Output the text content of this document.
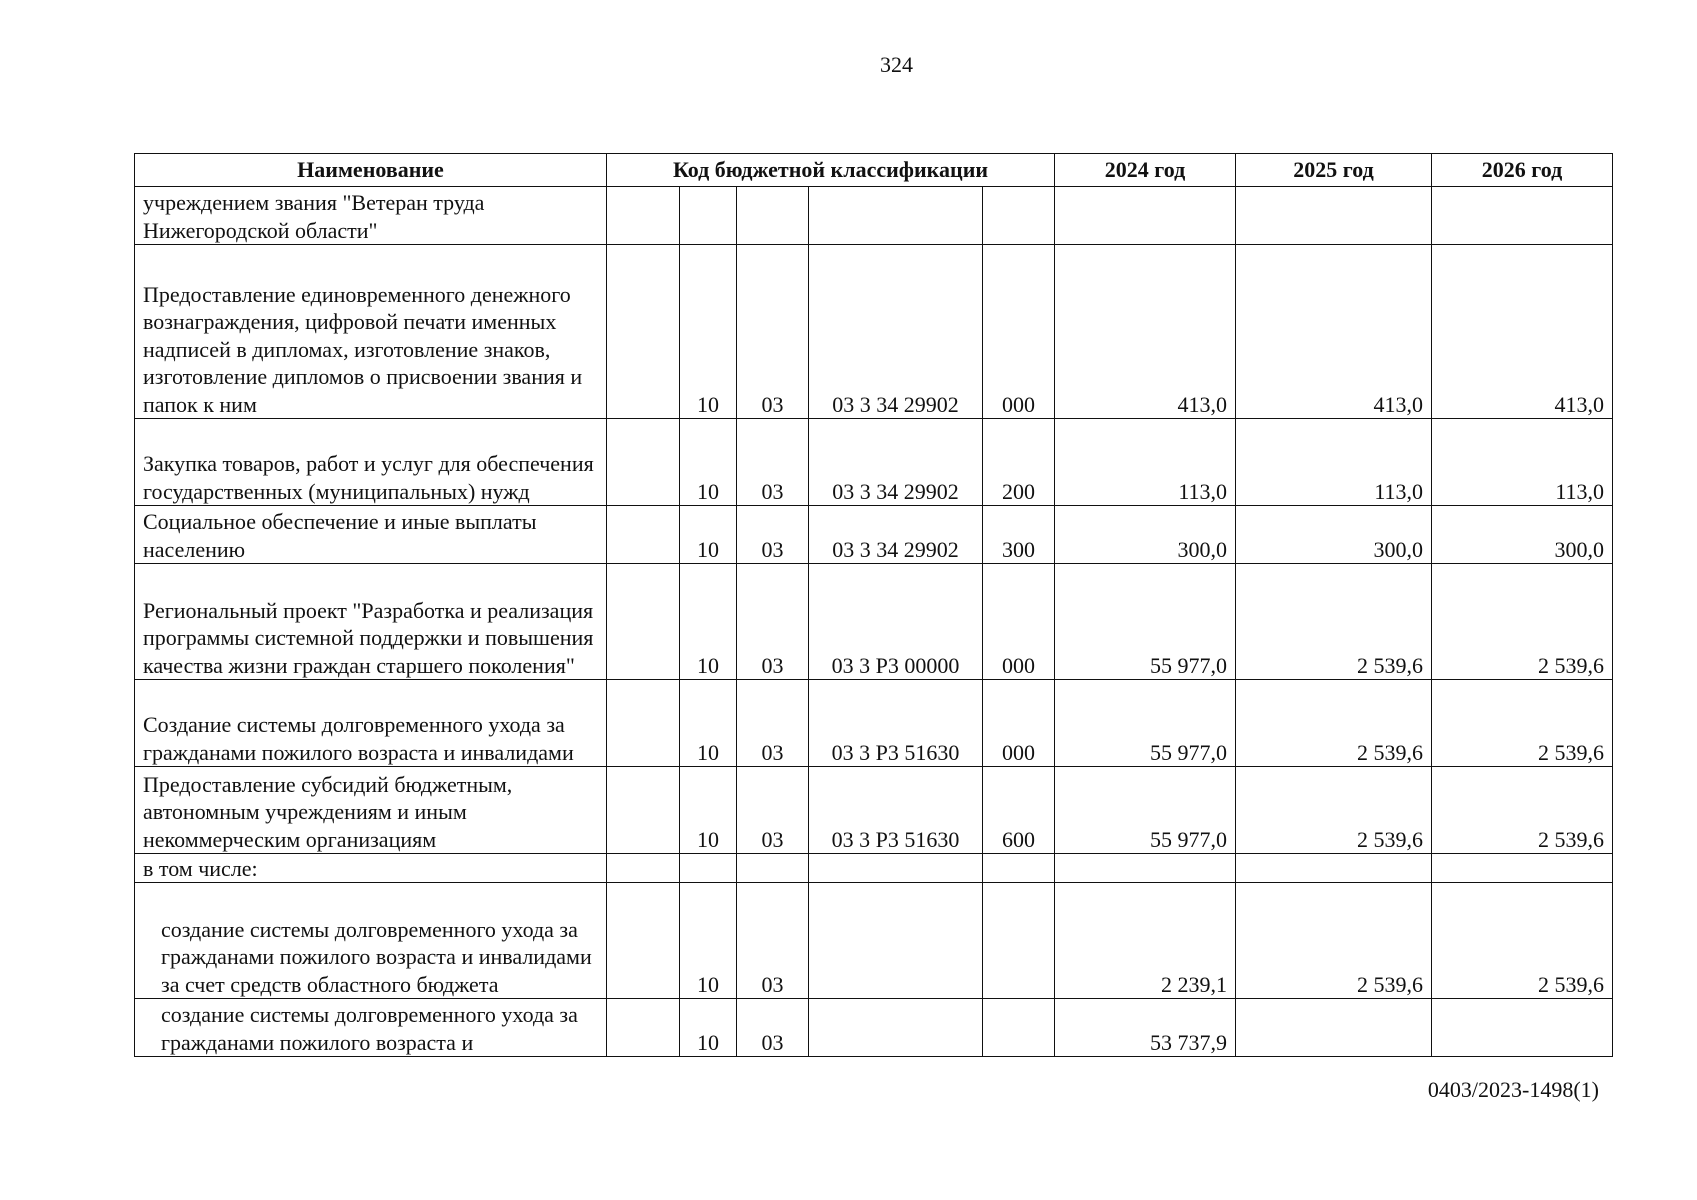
324
Наименование	Код бюджетной классификации					2024 год	2025 год	2026 год
учреждением звания "Ветеран труда Нижегородской области"								
Предоставление единовременного денежного вознаграждения, цифровой печати именных надписей в дипломах, изготовление знаков, изготовление дипломов о присвоении звания и папок к ним		10	03	03 3 34 29902	000	413,0	413,0	413,0
Закупка товаров, работ и услуг для обеспечения государственных (муниципальных) нужд		10	03	03 3 34 29902	200	113,0	113,0	113,0
Социальное обеспечение и иные выплаты населению		10	03	03 3 34 29902	300	300,0	300,0	300,0
Региональный проект "Разработка и реализация программы системной поддержки и повышения качества жизни граждан старшего поколения"		10	03	03 3 P3 00000	000	55 977,0	2 539,6	2 539,6
Создание системы долговременного ухода за гражданами пожилого возраста и инвалидами		10	03	03 3 P3 51630	000	55 977,0	2 539,6	2 539,6
Предоставление субсидий бюджетным, автономным учреждениям и иным некоммерческим организациям		10	03	03 3 P3 51630	600	55 977,0	2 539,6	2 539,6
в том числе:								
создание системы долговременного ухода за гражданами пожилого возраста и инвалидами за счет средств областного бюджета		10	03			2 239,1	2 539,6	2 539,6
создание системы долговременного ухода за гражданами пожилого возраста и		10	03			53 737,9		
0403/2023-1498(1)
